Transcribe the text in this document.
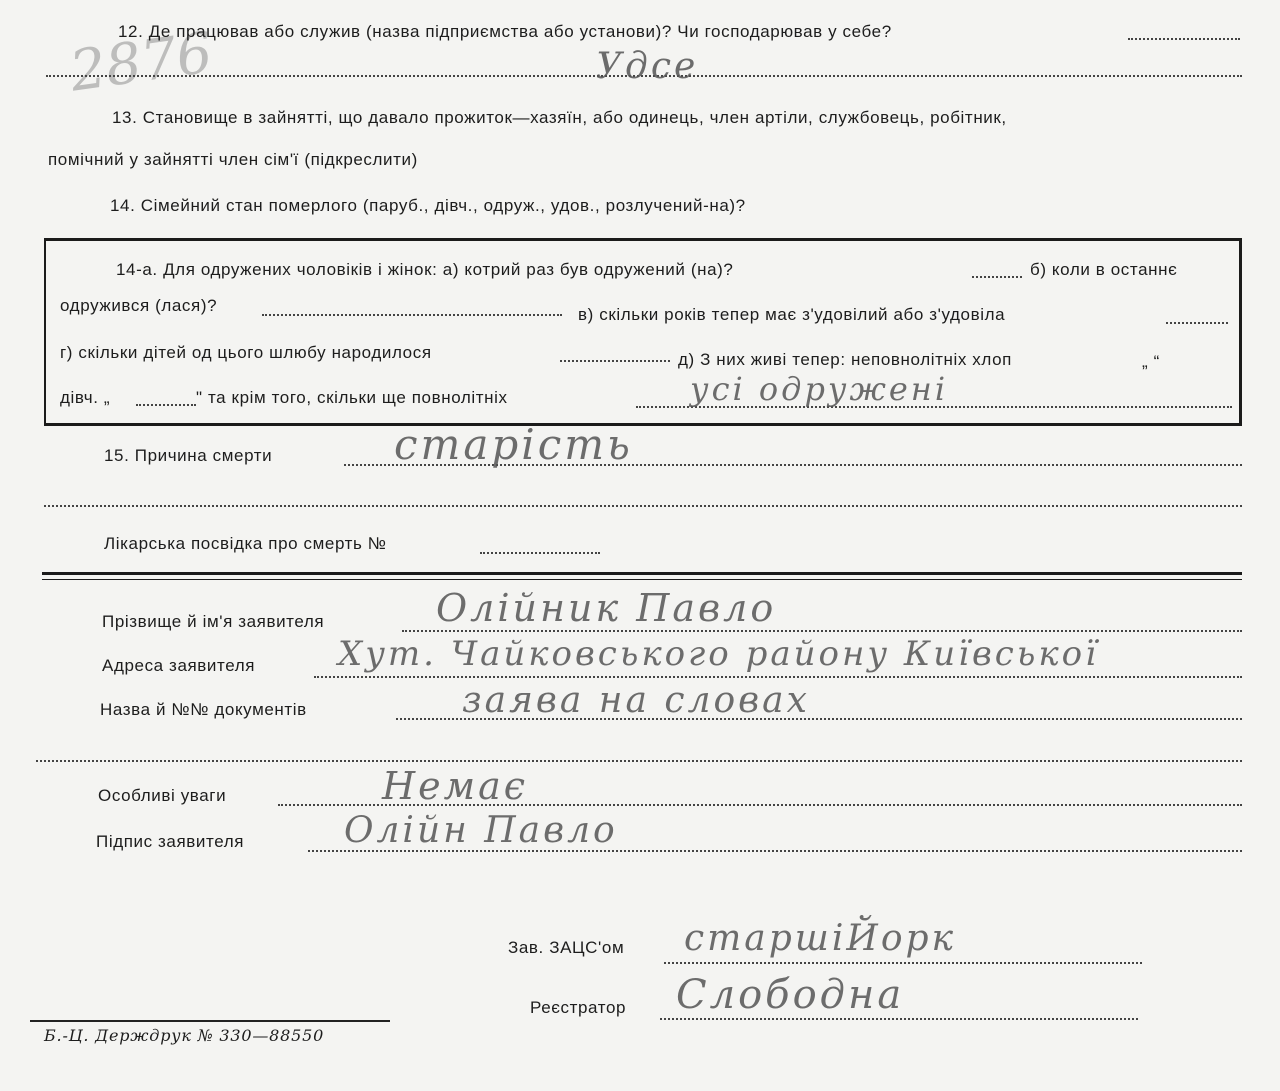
2876
12. Де працював або служив (назва підприємства або установи)? Чи господарював у себе?
Удсе
13. Становище в зайнятті, що давало прожиток—хазяїн, або одинець, член артіли, службовець, робітник,
помічний у зайнятті член сім'ї (підкреслити)
14. Сімейний стан померлого (паруб., дівч., одруж., удов., розлучений-на)?
14-а. Для одружених чоловіків і жінок: а) котрий раз був одружений (на)?	б) коли в останнє
одружився (лася)?	в) скільки років тепер має з'удовілий або з'удовіла
г) скільки дітей од цього шлюбу народилося	д) З них живі тепер: неповнолітніх хлоп	„ “
дівч. „	" та крім того, скільки ще повнолітніх	усі одружені
15. Причина смерти	старість
Лікарська посвідка про смерть №
Прізвище й ім'я заявителя	Олійник Павло
Адреса заявителя Хут. Чайковського району Київської
Назва й №№ документів	заява на словах
Особливі уваги	Немає
Підпис заявителя	Олійн Павло
Зав. ЗАЦС'ом старшіЙорк
Реєстратор Слободна
Б.-Ц. Держдрук № 330—88550
